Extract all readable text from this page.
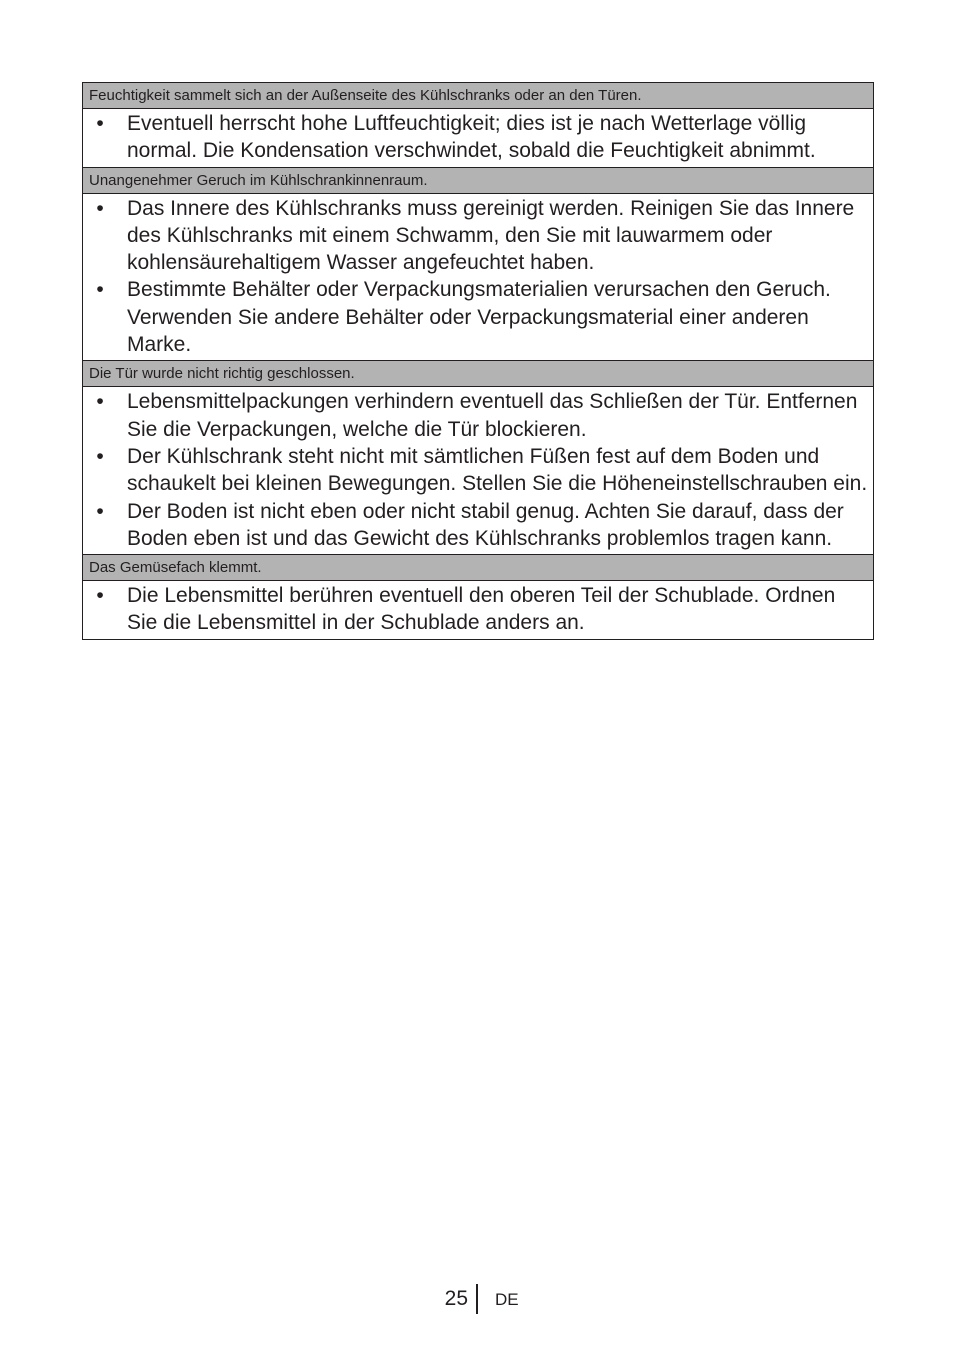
Feuchtigkeit sammelt sich an der Außenseite des Kühlschranks oder an den Türen.
•	Eventuell herrscht hohe Luftfeuchtigkeit; dies ist je nach Wetterlage völlig normal. Die Kondensation verschwindet, sobald die Feuchtigkeit abnimmt.

Unangenehmer Geruch im Kühlschrankinnenraum.
•	Das Innere des Kühlschranks muss gereinigt werden. Reinigen Sie das Innere des Kühlschranks mit einem Schwamm, den Sie mit lauwarmem oder kohlensäurehaltigem Wasser angefeuchtet haben.

•	Bestimmte Behälter oder Verpackungsmaterialien verursachen den Geruch. Verwenden Sie andere Behälter oder Verpackungsmaterial einer anderen Marke.

Die Tür wurde nicht richtig geschlossen.
•	Lebensmittelpackungen verhindern eventuell das Schließen der Tür. Entfernen Sie die Verpackungen, welche die Tür blockieren.

•	Der Kühlschrank steht nicht mit sämtlichen Füßen fest auf dem Boden und schaukelt bei kleinen Bewegungen. Stellen Sie die Höheneinstellschrauben ein.

•	Der Boden ist nicht eben oder nicht stabil genug. Achten Sie darauf, dass der Boden eben ist und das Gewicht des Kühlschranks problemlos tragen kann.

Das Gemüsefach klemmt.
•	Die Lebensmittel berühren eventuell den oberen Teil der Schublade. Ordnen Sie die Lebensmittel in der Schublade anders an.

25 DE
